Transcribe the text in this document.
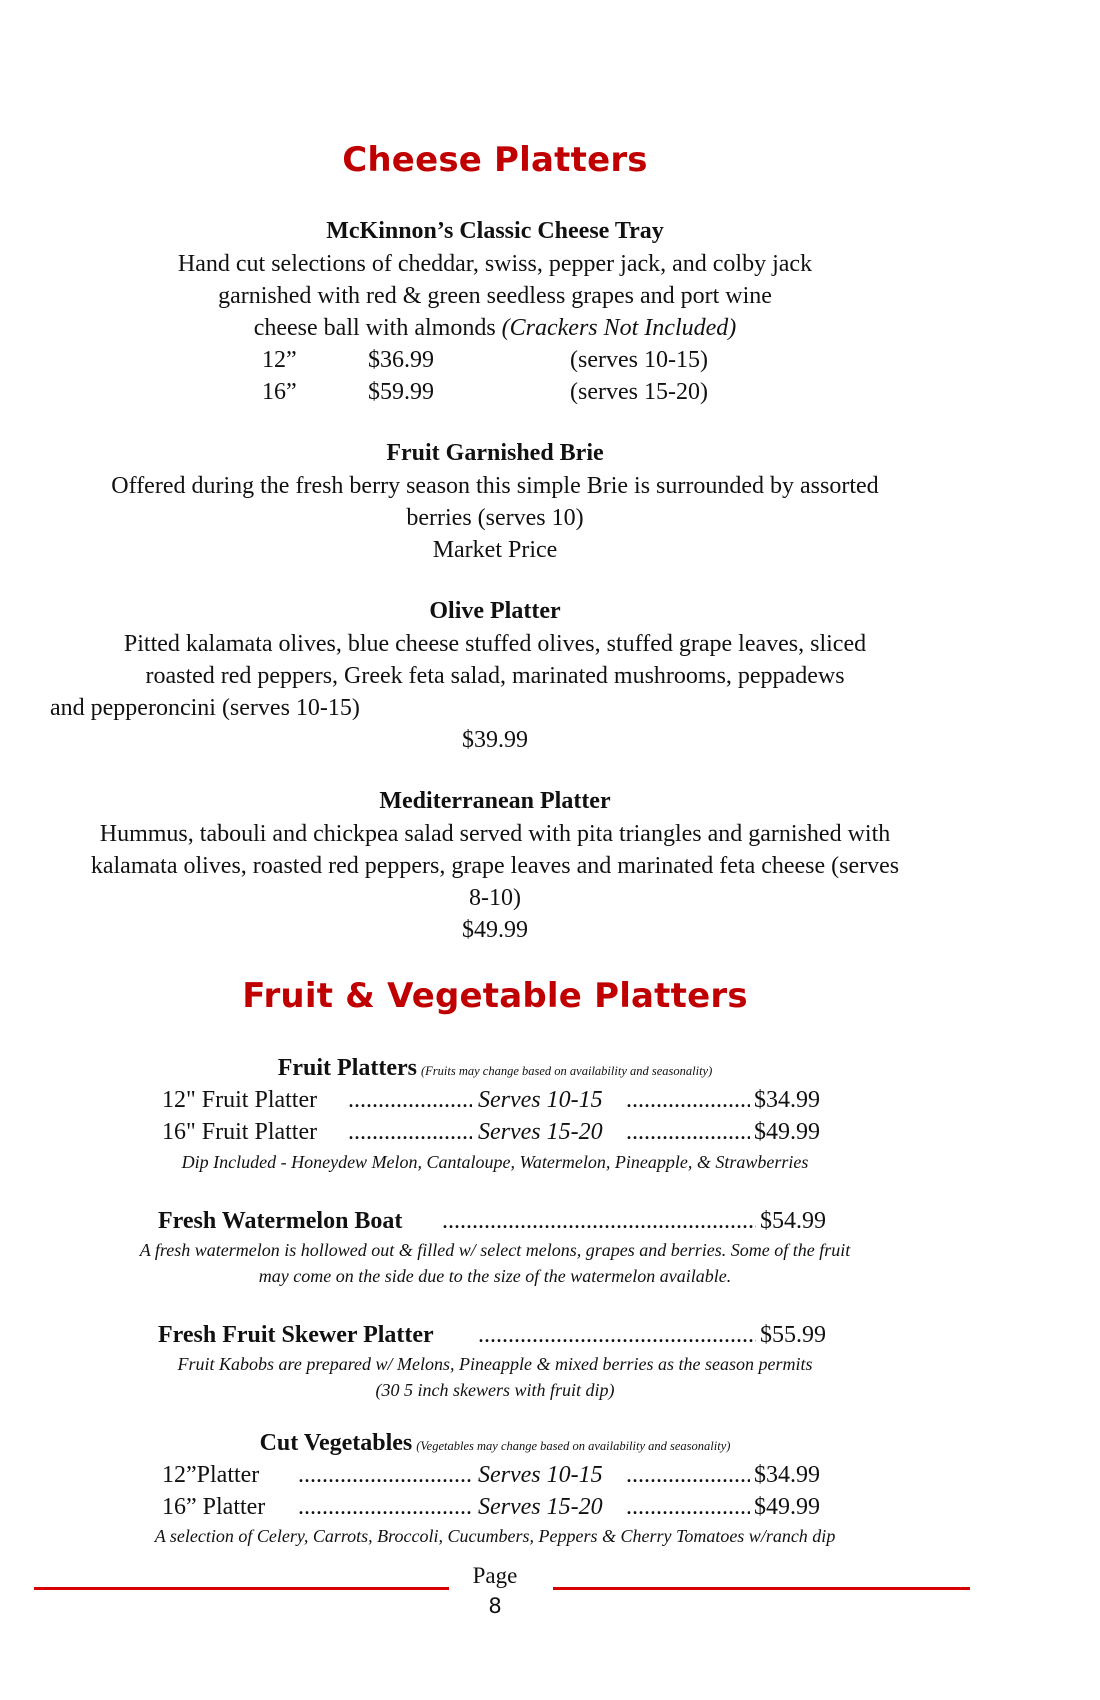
Cheese Platters
McKinnon’s Classic Cheese Tray
Hand cut selections of cheddar, swiss, pepper jack, and colby jack
garnished with red & green seedless grapes and port wine
cheese ball with almonds (Crackers Not Included)
12”	$36.99	(serves 10-15)
16”	$59.99	(serves 15-20)
Fruit Garnished Brie
Offered during the fresh berry season this simple Brie is surrounded by assorted
berries (serves 10)
Market Price
Olive Platter
Pitted kalamata olives, blue cheese stuffed olives, stuffed grape leaves, sliced
roasted red peppers, Greek feta salad, marinated mushrooms, peppadews
and pepperoncini (serves 10-15)
$39.99
Mediterranean Platter
Hummus, tabouli and chickpea salad served with pita triangles and garnished with
kalamata olives, roasted red peppers, grape leaves and marinated feta cheese (serves
8-10)
$49.99
Fruit & Vegetable Platters
Fruit Platters (Fruits may change based on availability and seasonality)
12" Fruit Platter .....	Serves 10-15 .....	$34.99
16" Fruit Platter .....	Serves 15-20 .....	$49.99
Dip Included - Honeydew Melon, Cantaloupe, Watermelon, Pineapple, & Strawberries
Fresh Watermelon Boat .....	$54.99
A fresh watermelon is hollowed out & filled w/ select melons, grapes and berries. Some of the fruit
may come on the side due to the size of the watermelon available.
Fresh Fruit Skewer Platter .....	$55.99
Fruit Kabobs are prepared w/ Melons, Pineapple & mixed berries as the season permits
(30 5 inch skewers with fruit dip)
Cut Vegetables (Vegetables may change based on availability and seasonality)
12”Platter .....	Serves 10-15 .....	$34.99
16” Platter .....	Serves 15-20 .....	$49.99
A selection of Celery, Carrots, Broccoli, Cucumbers, Peppers & Cherry Tomatoes w/ranch dip
Page
8
